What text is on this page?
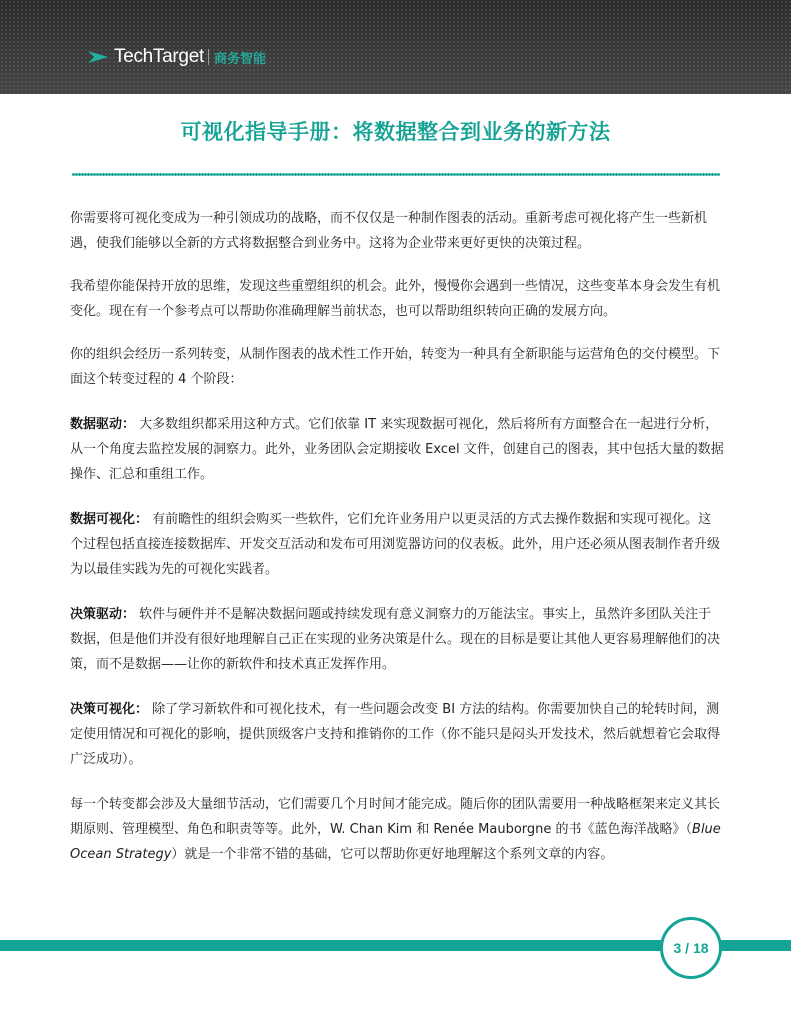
TechTarget 商务智能
可视化指导手册：将数据整合到业务的新方法

你需要将可视化变成为一种引领成功的战略，而不仅仅是一种制作图表的活动。重新考虑可视化将产生一些新机遇，使我们能够以全新的方式将数据整合到业务中。这将为企业带来更好更快的决策过程。

我希望你能保持开放的思维，发现这些重塑组织的机会。此外，慢慢你会遇到一些情况，这些变革本身会发生有机变化。现在有一个参考点可以帮助你准确理解当前状态，也可以帮助组织转向正确的发展方向。

你的组织会经历一系列转变，从制作图表的战术性工作开始，转变为一种具有全新职能与运营角色的交付模型。下面这个转变过程的 4 个阶段：

数据驱动： 大多数组织都采用这种方式。它们依靠 IT 来实现数据可视化，然后将所有方面整合在一起进行分析，从一个角度去监控发展的洞察力。此外，业务团队会定期接收 Excel 文件，创建自己的图表，其中包括大量的数据操作、汇总和重组工作。

数据可视化： 有前瞻性的组织会购买一些软件，它们允许业务用户以更灵活的方式去操作数据和实现可视化。这个过程包括直接连接数据库、开发交互活动和发布可用浏览器访问的仪表板。此外，用户还必须从图表制作者升级为以最佳实践为先的可视化实践者。

决策驱动： 软件与硬件并不是解决数据问题或持续发现有意义洞察力的万能法宝。事实上，虽然许多团队关注于数据，但是他们并没有很好地理解自己正在实现的业务决策是什么。现在的目标是要让其他人更容易理解他们的决策，而不是数据——让你的新软件和技术真正发挥作用。

决策可视化： 除了学习新软件和可视化技术，有一些问题会改变 BI 方法的结构。你需要加快自己的轮转时间，测定使用情况和可视化的影响，提供顶级客户支持和推销你的工作（你不能只是闷头开发技术，然后就想着它会取得广泛成功）。

每一个转变都会涉及大量细节活动，它们需要几个月时间才能完成。随后你的团队需要用一种战略框架来定义其长期原则、管理模型、角色和职责等等。此外，W. Chan Kim 和 Renée Mauborgne 的书《蓝色海洋战略》（Blue Ocean Strategy）就是一个非常不错的基础，它可以帮助你更好地理解这个系列文章的内容。

3 / 18
